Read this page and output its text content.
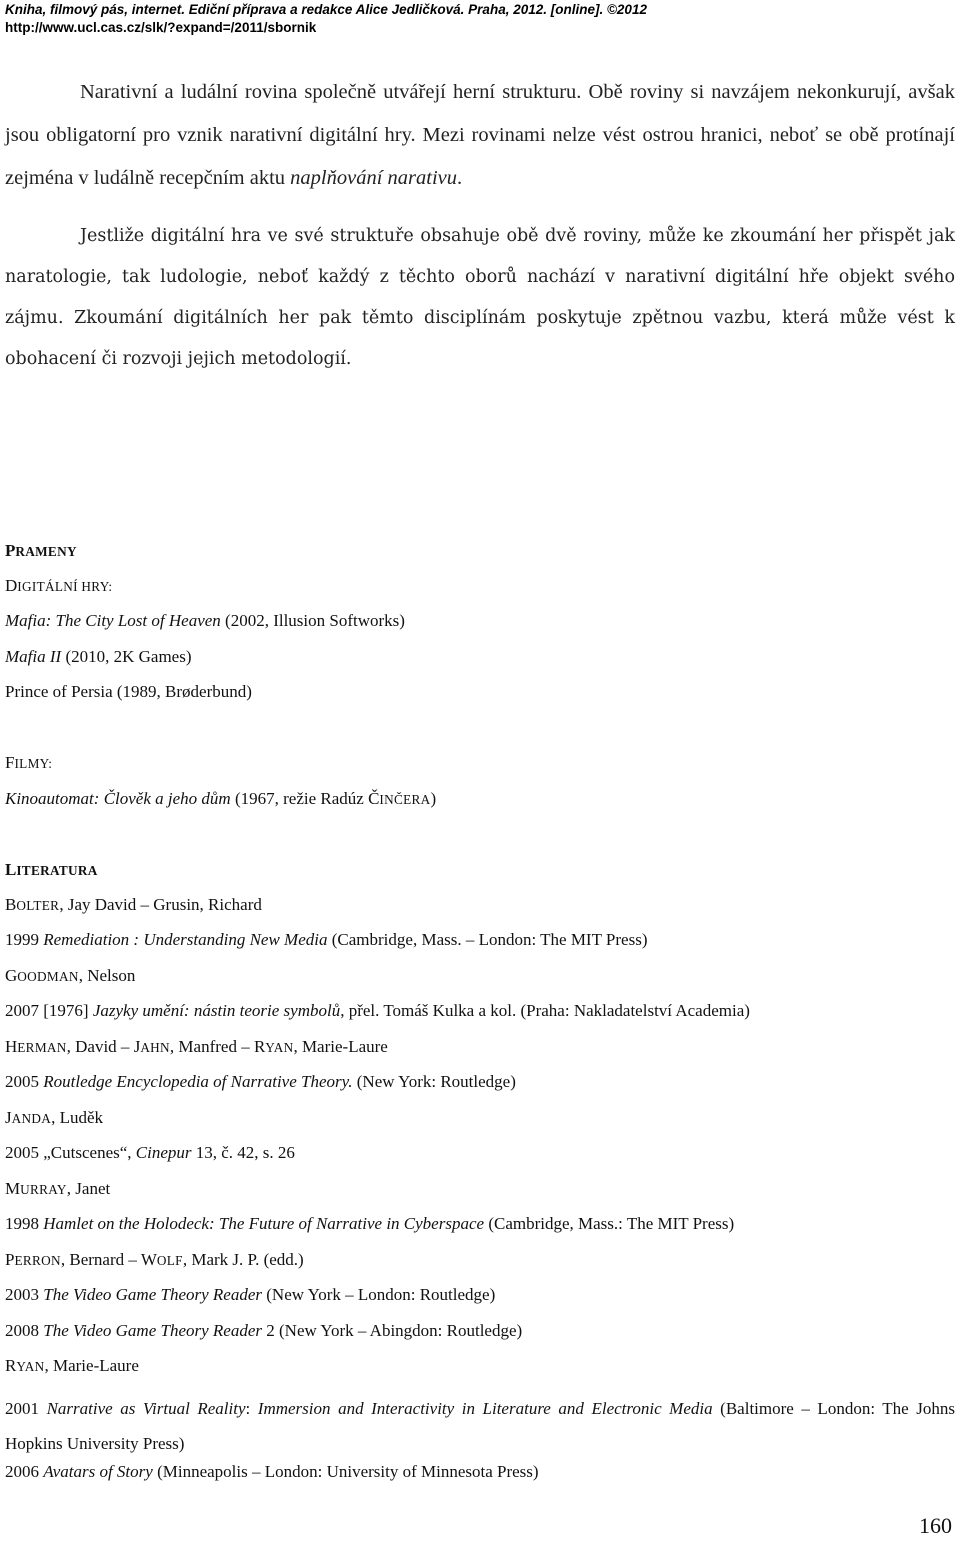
Kniha, filmový pás, internet. Ediční příprava a redakce Alice Jedličková. Praha, 2012. [online]. ©2012
http://www.ucl.cas.cz/slk/?expand=/2011/sbornik
Narativní a ludální rovina společně utvářejí herní strukturu. Obě roviny si navzájem nekonkurují, avšak jsou obligatorní pro vznik narativní digitální hry. Mezi rovinami nelze vést ostrou hranici, neboť se obě protínají zejména v ludálně recepčním aktu naplňování narativu.
Jestliže digitální hra ve své struktuře obsahuje obě dvě roviny, může ke zkoumání her přispět jak naratologie, tak ludologie, neboť každý z těchto oborů nachází v narativní digitální hře objekt svého zájmu. Zkoumání digitálních her pak těmto disciplínám poskytuje zpětnou vazbu, která může vést k obohacení či rozvoji jejich metodologií.
PRAMENY
DIGITÁLNÍ HRY:
Mafia: The City Lost of Heaven (2002, Illusion Softworks)
Mafia II (2010, 2K Games)
Prince of Persia (1989, Brøderbund)
FILMY:
Kinoautomat: Člověk a jeho dům (1967, režie Radúz ČINČERA)
LITERATURA
BOLTER, Jay David – Grusin, Richard
1999 Remediation : Understanding New Media (Cambridge, Mass. – London: The MIT Press)
GOODMAN, Nelson
2007 [1976] Jazyky umění: nástin teorie symbolů, přel. Tomáš Kulka a kol. (Praha: Nakladatelství Academia)
HERMAN, David – JAHN, Manfred – RYAN, Marie-Laure
2005 Routledge Encyclopedia of Narrative Theory. (New York: Routledge)
JANDA, Luděk
2005 „Cutscenes“, Cinepur 13, č. 42, s. 26
MURRAY, Janet
1998 Hamlet on the Holodeck: The Future of Narrative in Cyberspace (Cambridge, Mass.: The MIT Press)
PERRON, Bernard – WOLF, Mark J. P. (edd.)
2003 The Video Game Theory Reader (New York – London: Routledge)
2008 The Video Game Theory Reader 2 (New York – Abingdon: Routledge)
RYAN, Marie-Laure
2001 Narrative as Virtual Reality: Immersion and Interactivity in Literature and Electronic Media (Baltimore – London: The Johns Hopkins University Press)
2006 Avatars of Story (Minneapolis – London: University of Minnesota Press)
160
